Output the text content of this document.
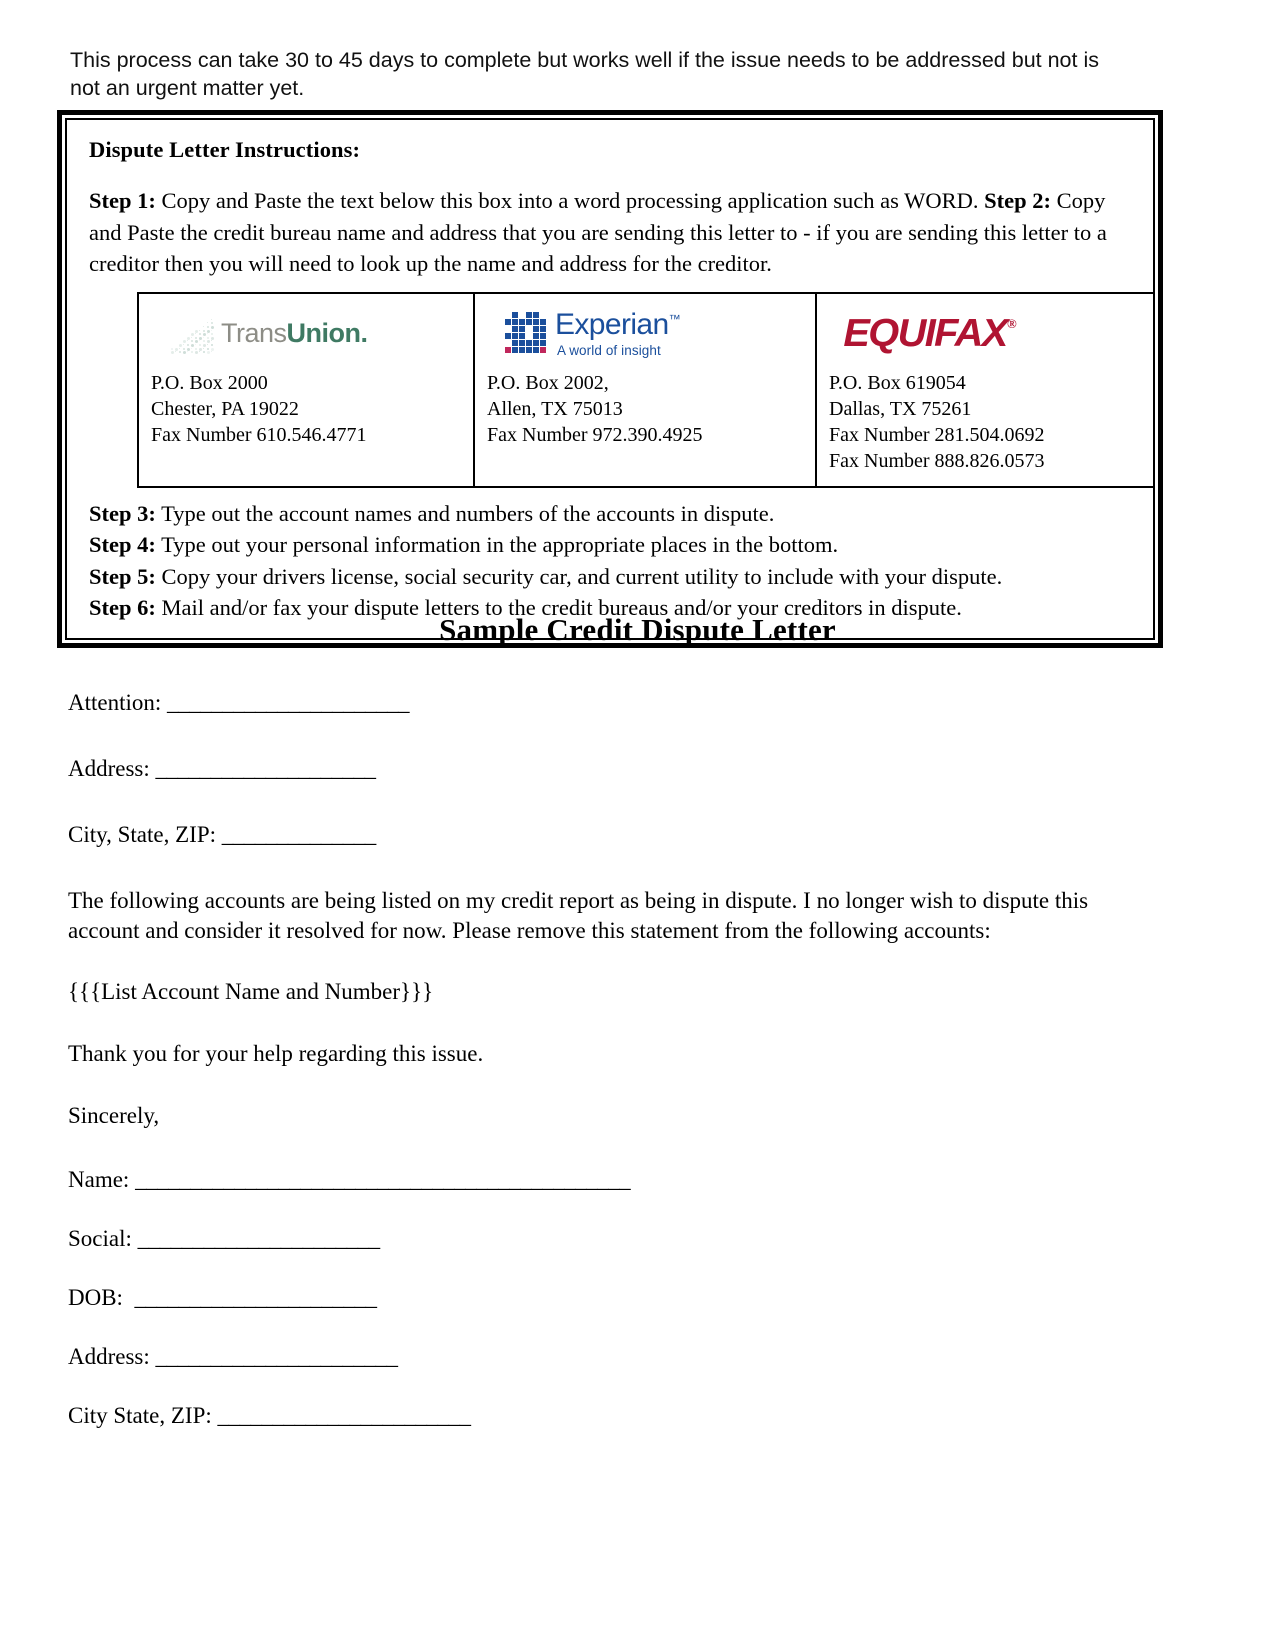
This process can take 30 to 45 days to complete but works well if the issue needs to be addressed but not is not an urgent matter yet.

Dispute Letter Instructions:

Step 1: Copy and Paste the text below this box into a word processing application such as WORD. Step 2: Copy and Paste the credit bureau name and address that you are sending this letter to - if you are sending this letter to a creditor then you will need to look up the name and address for the creditor.

TransUnion.
P.O. Box 2000
Chester, PA 19022
Fax Number 610.546.4771

Experian™
A world of insight
P.O. Box 2002,
Allen, TX 75013
Fax Number 972.390.4925

EQUIFAX ®
P.O. Box 619054
Dallas, TX 75261
Fax Number 281.504.0692
Fax Number 888.826.0573
Step 3: Type out the account names and numbers of the accounts in dispute.
Step 4: Type out your personal information in the appropriate places in the bottom.
Step 5: Copy your drivers license, social security car, and current utility to include with your dispute.
Step 6: Mail and/or fax your dispute letters to the credit bureaus and/or your creditors in dispute.
Sample Credit Dispute Letter
Attention: ______________________
Address: ____________________
City, State, ZIP: ______________
The following accounts are being listed on my credit report as being in dispute. I no longer wish to dispute this account and consider it resolved for now. Please remove this statement from the following accounts:
{{{List Account Name and Number}}}
Thank you for your help regarding this issue.
Sincerely,
Name: _____________________________________________
Social: ______________________
DOB: ______________________
Address: ______________________
City State, ZIP: _______________________
